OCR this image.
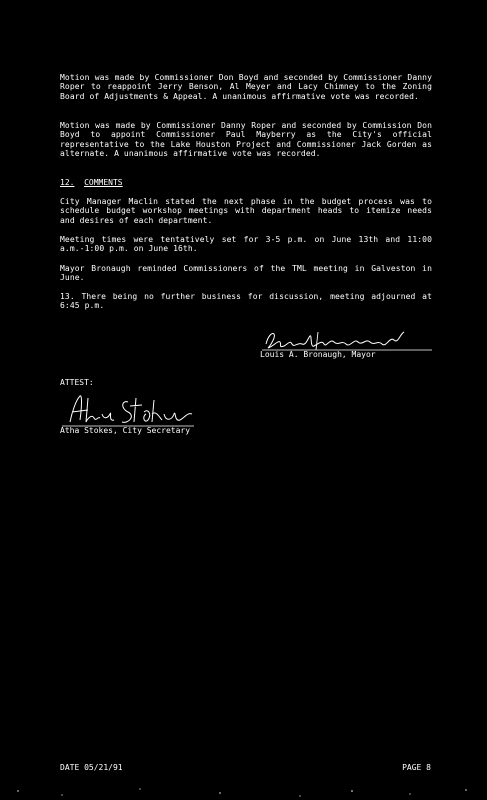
Motion was made by Commissioner Don Boyd and seconded by Commissioner Danny Roper to reappoint Jerry Benson, Al Meyer and Lacy Chimney to the Zoning Board of Adjustments & Appeal. A unanimous affirmative vote was recorded.

Motion was made by Commissioner Danny Roper and seconded by Commission Don Boyd to appoint Commissioner Paul Mayberry as the City's official representative to the Lake Houston Project and Commissioner Jack Gorden as alternate. A unanimous affirmative vote was recorded.

12. COMMENTS

City Manager Maclin stated the next phase in the budget process was to schedule budget workshop meetings with department heads to itemize needs and desires of each department.

Meeting times were tentatively set for 3-5 p.m. on June 13th and 11:00 a.m.-1:00 p.m. on June 16th.

Mayor Bronaugh reminded Commissioners of the TML meeting in Galveston in June.

13. There being no further business for discussion, meeting adjourned at 6:45 p.m.

Louis A. Bronaugh, Mayor
ATTEST:
Atha Stokes, City Secretary
DATE 05/21/91	PAGE 8
